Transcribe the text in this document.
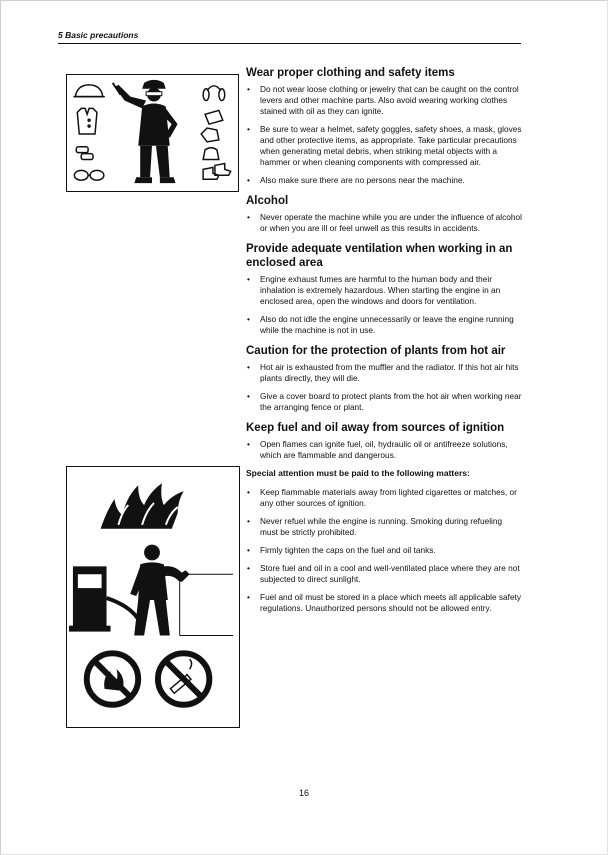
5 Basic precautions
Wear proper clothing and safety items
• Do not wear loose clothing or jewelry that can be caught on the control levers and other machine parts. Also avoid wearing working clothes stained with oil as they can ignite.
• Be sure to wear a helmet, safety goggles, safety shoes, a mask, gloves and other protective items, as appropriate. Take particular precautions when generating metal debris, when striking metal objects with a hammer or when cleaning components with compressed air.
• Also make sure there are no persons near the machine.
Alcohol
• Never operate the machine while you are under the influence of alcohol or when you are ill or feel unwell as this results in accidents.
Provide adequate ventilation when working in an enclosed area
• Engine exhaust fumes are harmful to the human body and their inhalation is extremely hazardous. When starting the engine in an enclosed area, open the windows and doors for ventilation.
• Also do not idle the engine unnecessarily or leave the engine running while the machine is not in use.
Caution for the protection of plants from hot air
• Hot air is exhausted from the muffler and the radiator. If this hot air hits plants directly, they will die.
• Give a cover board to protect plants from the hot air when working near the arranging fence or plant.
Keep fuel and oil away from sources of ignition
• Open flames can ignite fuel, oil, hydraulic oil or antifreeze solutions, which are flammable and dangerous.
Special attention must be paid to the following matters:
• Keep flammable materials away from lighted cigarettes or matches, or any other sources of ignition.
• Never refuel while the engine is running. Smoking during refueling must be strictly prohibited.
• Firmly tighten the caps on the fuel and oil tanks.
• Store fuel and oil in a cool and well-ventilated place where they are not subjected to direct sunlight.
• Fuel and oil must be stored in a place which meets all applicable safety regulations. Unauthorized persons should not be allowed entry.
16
